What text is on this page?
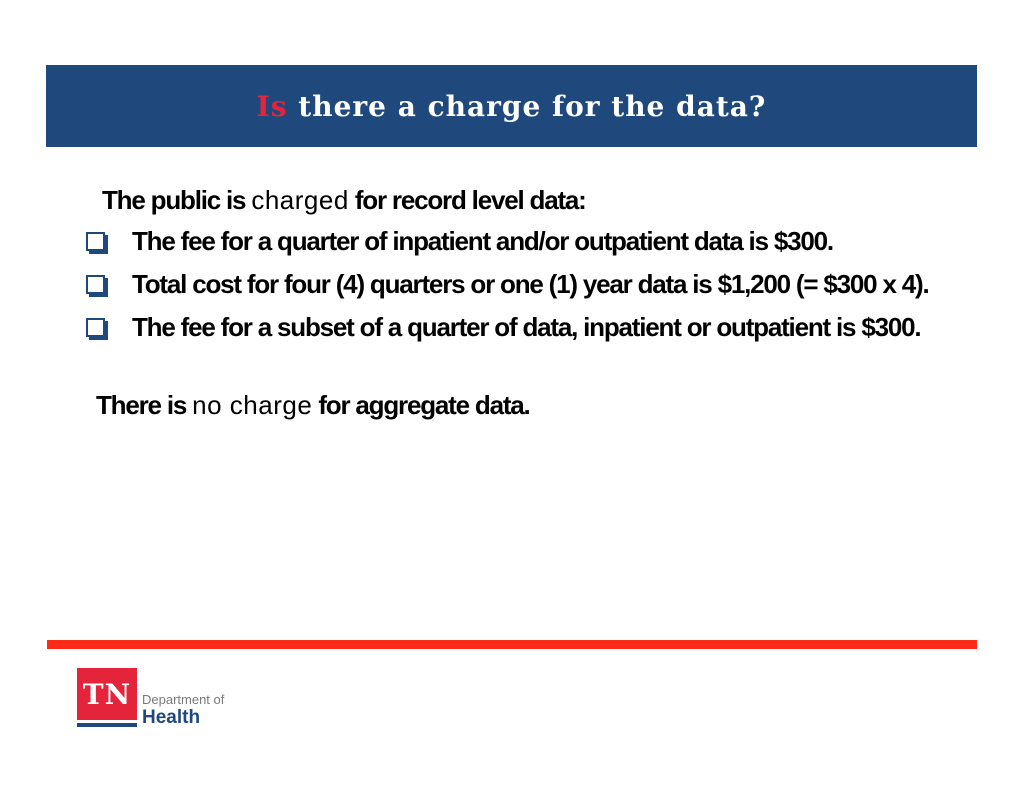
Is there a charge for the data?
The public is charged for record level data:
The fee for a quarter of inpatient and/or outpatient data is $300.
Total cost for four (4) quarters or one (1) year data is $1,200 (= $300 x 4).
The fee for a subset of a quarter of data, inpatient or outpatient is $300.
There is no charge for aggregate data.
TN Department of
Health
